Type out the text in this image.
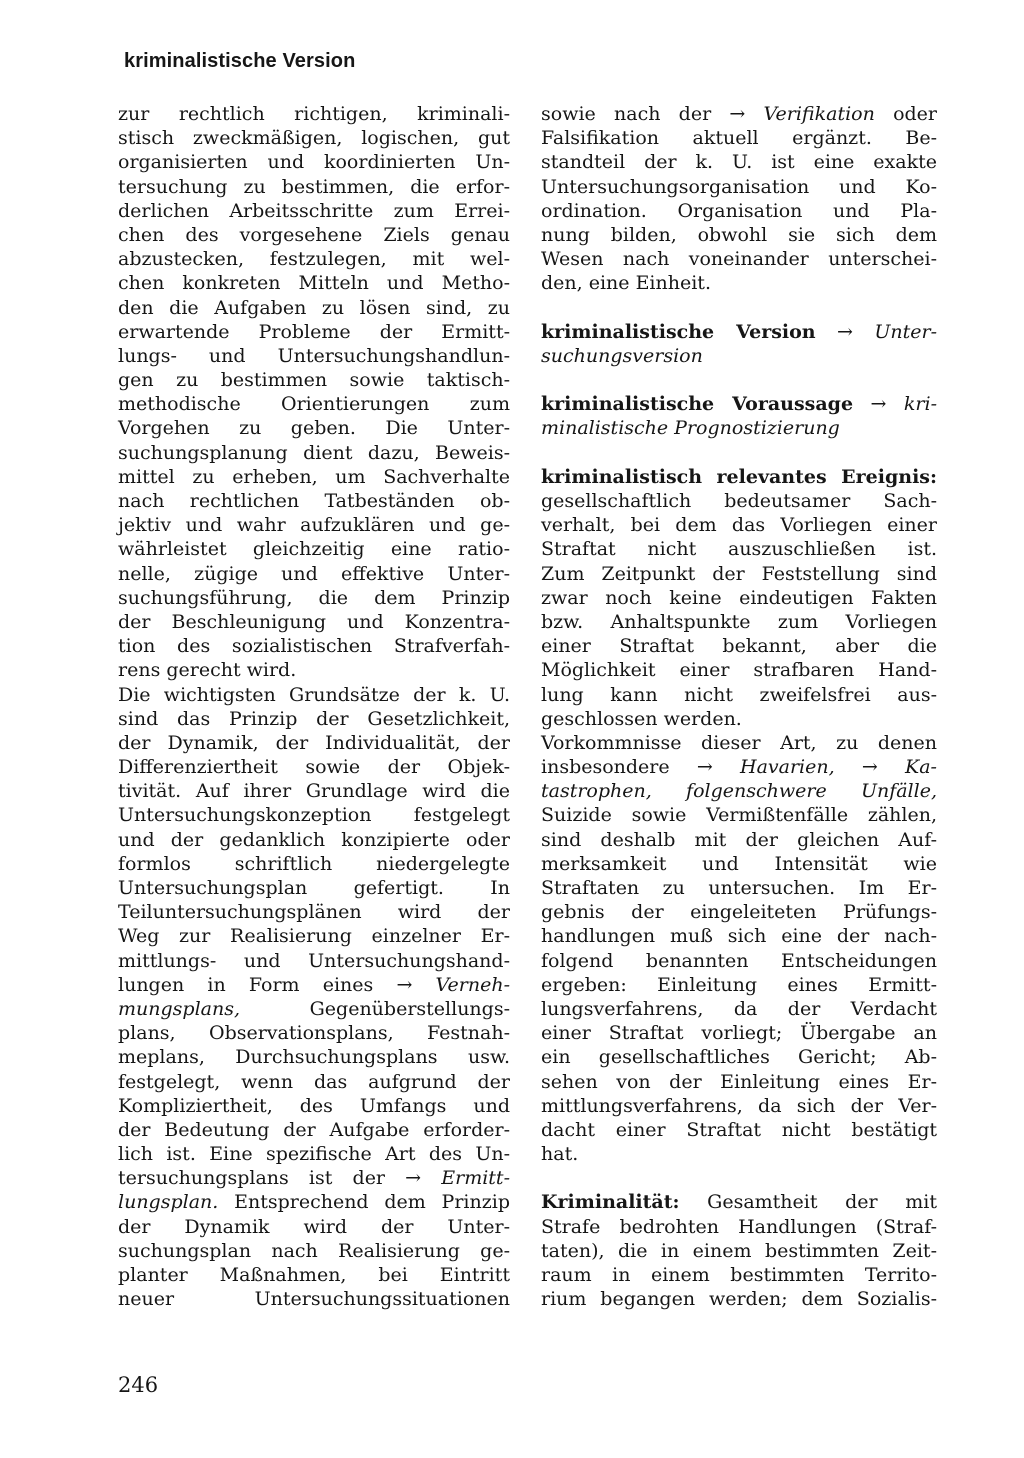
kriminalistische Version
zur rechtlich richtigen, kriminali-
stisch zweckmäßigen, logischen, gut
organisierten und koordinierten Un-
tersuchung zu bestimmen, die erfor-
derlichen Arbeitsschritte zum Errei-
chen des vorgesehene Ziels genau
abzustecken, festzulegen, mit wel-
chen konkreten Mitteln und Metho-
den die Aufgaben zu lösen sind, zu
erwartende Probleme der Ermitt-
lungs- und Untersuchungshandlun-
gen zu bestimmen sowie taktisch-
methodische Orientierungen zum
Vorgehen zu geben. Die Unter-
suchungsplanung dient dazu, Beweis-
mittel zu erheben, um Sachverhalte
nach rechtlichen Tatbeständen ob-
jektiv und wahr aufzuklären und ge-
währleistet gleichzeitig eine ratio-
nelle, zügige und effektive Unter-
suchungsführung, die dem Prinzip
der Beschleunigung und Konzentra-
tion des sozialistischen Strafverfah-
rens gerecht wird.
Die wichtigsten Grundsätze der k. U.
sind das Prinzip der Gesetzlichkeit,
der Dynamik, der Individualität, der
Differenziertheit sowie der Objek-
tivität. Auf ihrer Grundlage wird die
Untersuchungskonzeption festgelegt
und der gedanklich konzipierte oder
formlos schriftlich niedergelegte
Untersuchungsplan gefertigt. In
Teiluntersuchungsplänen wird der
Weg zur Realisierung einzelner Er-
mittlungs- und Untersuchungshand-
lungen in Form eines → Verneh-
mungsplans, Gegenüberstellungs-
plans, Observationsplans, Festnah-
meplans, Durchsuchungsplans usw.
festgelegt, wenn das aufgrund der
Kompliziertheit, des Umfangs und
der Bedeutung der Aufgabe erforder-
lich ist. Eine spezifische Art des Un-
tersuchungsplans ist der → Ermitt-
lungsplan. Entsprechend dem Prinzip
der Dynamik wird der Unter-
suchungsplan nach Realisierung ge-
planter Maßnahmen, bei Eintritt
neuer Untersuchungssituationen
sowie nach der → Verifikation oder
Falsifikation aktuell ergänzt. Be-
standteil der k. U. ist eine exakte
Untersuchungsorganisation und Ko-
ordination. Organisation und Pla-
nung bilden, obwohl sie sich dem
Wesen nach voneinander unterschei-
den, eine Einheit.
kriminalistische Version → Unter-
suchungsversion
kriminalistische Voraussage → kri-
minalistische Prognostizierung
kriminalistisch relevantes Ereignis:
gesellschaftlich bedeutsamer Sach-
verhalt, bei dem das Vorliegen einer
Straftat nicht auszuschließen ist.
Zum Zeitpunkt der Feststellung sind
zwar noch keine eindeutigen Fakten
bzw. Anhaltspunkte zum Vorliegen
einer Straftat bekannt, aber die
Möglichkeit einer strafbaren Hand-
lung kann nicht zweifelsfrei aus-
geschlossen werden.
Vorkommnisse dieser Art, zu denen
insbesondere → Havarien, → Ka-
tastrophen, folgenschwere Unfälle,
Suizide sowie Vermißtenfälle zählen,
sind deshalb mit der gleichen Auf-
merksamkeit und Intensität wie
Straftaten zu untersuchen. Im Er-
gebnis der eingeleiteten Prüfungs-
handlungen muß sich eine der nach-
folgend benannten Entscheidungen
ergeben: Einleitung eines Ermitt-
lungsverfahrens, da der Verdacht
einer Straftat vorliegt; Übergabe an
ein gesellschaftliches Gericht; Ab-
sehen von der Einleitung eines Er-
mittlungsverfahrens, da sich der Ver-
dacht einer Straftat nicht bestätigt
hat.
Kriminalität: Gesamtheit der mit
Strafe bedrohten Handlungen (Straf-
taten), die in einem bestimmten Zeit-
raum in einem bestimmten Territo-
rium begangen werden; dem Sozialis-
246
